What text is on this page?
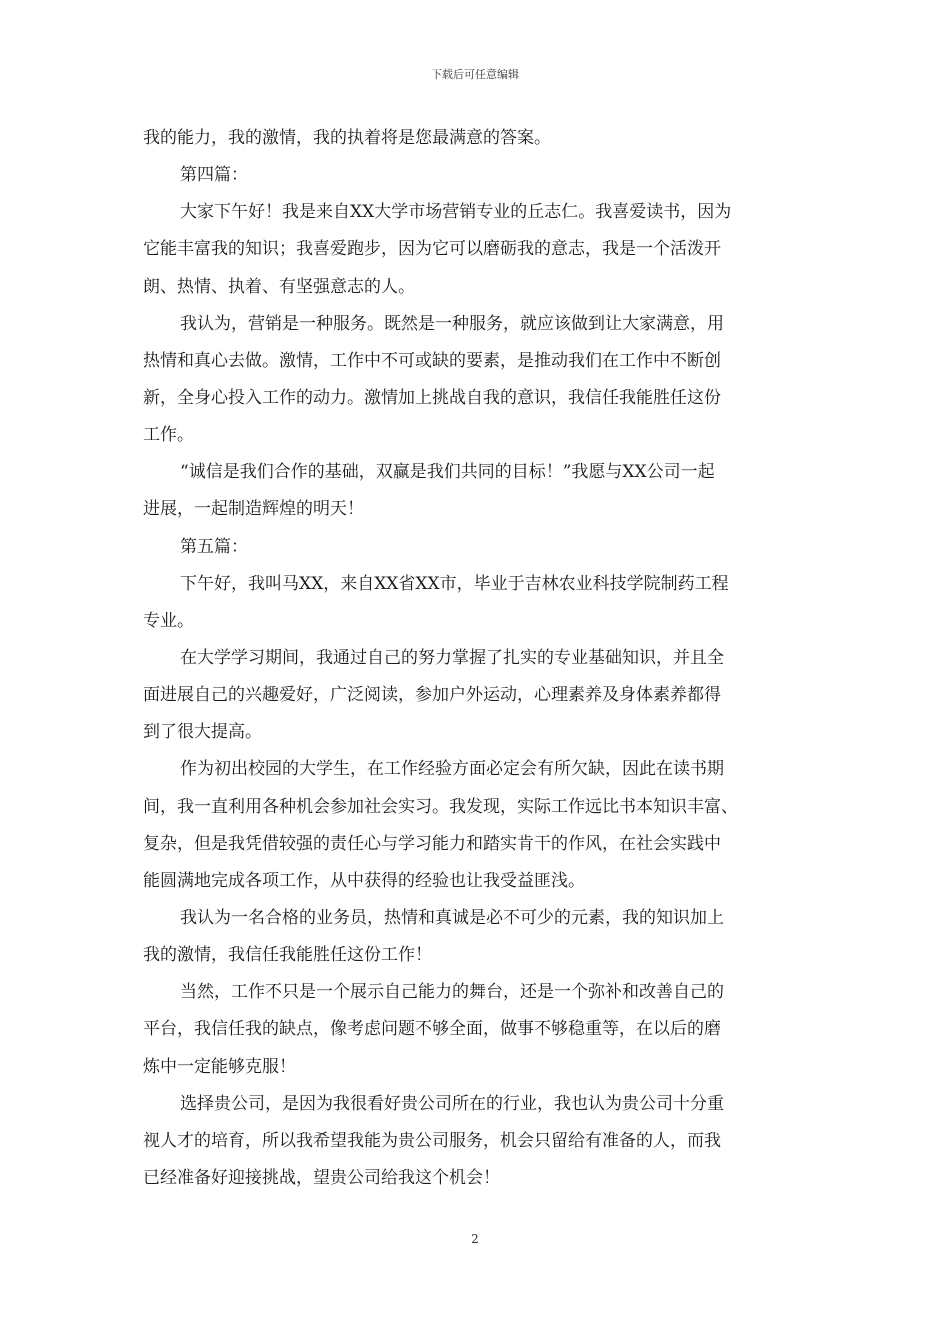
下载后可任意编辑
我的能力，我的激情，我的执着将是您最满意的答案。
第四篇：
大家下午好！我是来自XX大学市场营销专业的丘志仁。我喜爱读书，因为
它能丰富我的知识；我喜爱跑步，因为它可以磨砺我的意志，我是一个活泼开
朗、热情、执着、有坚强意志的人。
我认为，营销是一种服务。既然是一种服务，就应该做到让大家满意，用
热情和真心去做。激情，工作中不可或缺的要素，是推动我们在工作中不断创
新，全身心投入工作的动力。激情加上挑战自我的意识，我信任我能胜任这份
工作。
“诚信是我们合作的基础，双赢是我们共同的目标！”我愿与XX公司一起
进展，一起制造辉煌的明天！
第五篇：
下午好，我叫马XX，来自XX省XX市，毕业于吉林农业科技学院制药工程
专业。
在大学学习期间，我通过自己的努力掌握了扎实的专业基础知识，并且全
面进展自己的兴趣爱好，广泛阅读，参加户外运动，心理素养及身体素养都得
到了很大提高。
作为初出校园的大学生，在工作经验方面必定会有所欠缺，因此在读书期
间，我一直利用各种机会参加社会实习。我发现，实际工作远比书本知识丰富、
复杂，但是我凭借较强的责任心与学习能力和踏实肯干的作风，在社会实践中
能圆满地完成各项工作，从中获得的经验也让我受益匪浅。
我认为一名合格的业务员，热情和真诚是必不可少的元素，我的知识加上
我的激情，我信任我能胜任这份工作！
当然，工作不只是一个展示自己能力的舞台，还是一个弥补和改善自己的
平台，我信任我的缺点，像考虑问题不够全面，做事不够稳重等，在以后的磨
炼中一定能够克服！
选择贵公司，是因为我很看好贵公司所在的行业，我也认为贵公司十分重
视人才的培育，所以我希望我能为贵公司服务，机会只留给有准备的人，而我
已经准备好迎接挑战，望贵公司给我这个机会！
2
